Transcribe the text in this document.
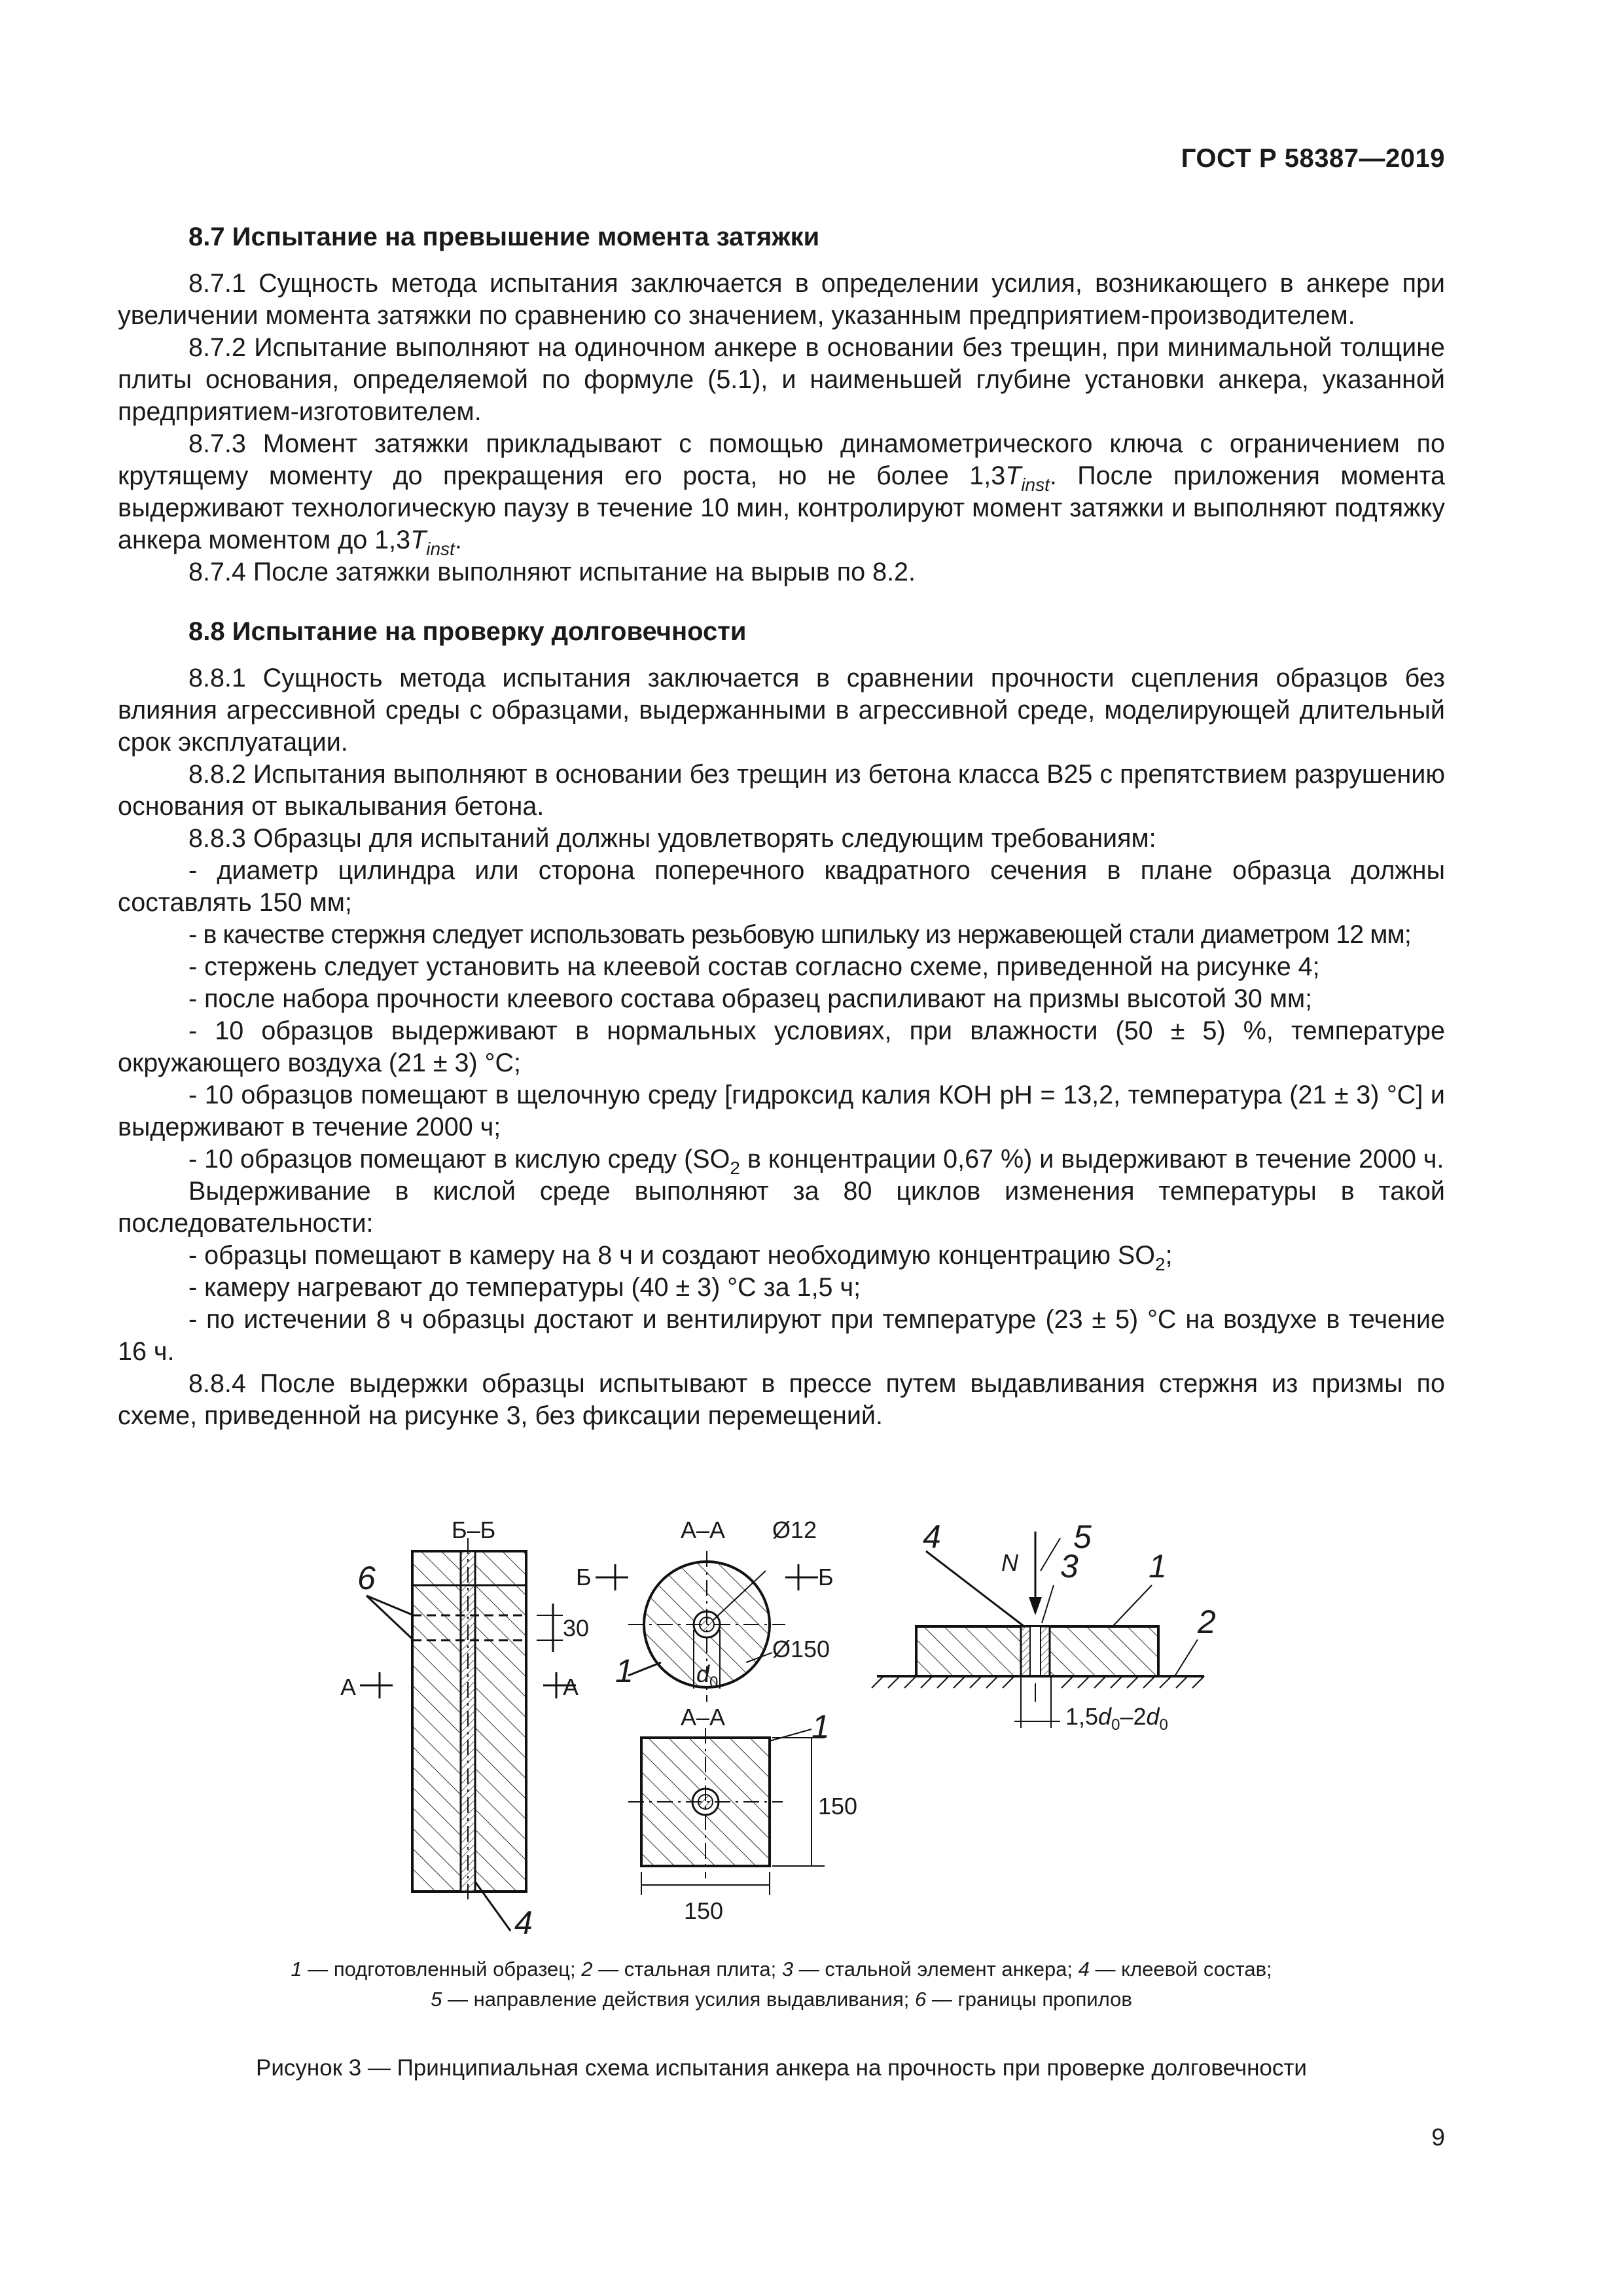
ГОСТ Р 58387—2019
8.7 Испытание на превышение момента затяжки

8.7.1 Сущность метода испытания заключается в определении усилия, возникающего в анкере при увеличении момента затяжки по сравнению со значением, указанным предприятием-производителем.

8.7.2 Испытание выполняют на одиночном анкере в основании без трещин, при минимальной толщине плиты основания, определяемой по формуле (5.1), и наименьшей глубине установки анкера, указанной предприятием-изготовителем.

8.7.3 Момент затяжки прикладывают с помощью динамометрического ключа с ограничением по крутящему моменту до прекращения его роста, но не более $1,3T_{inst}$. После приложения момента выдерживают технологическую паузу в течение 10 мин, контролируют момент затяжки и выполняют подтяжку анкера моментом до $1,3T_{inst}$.

8.7.4 После затяжки выполняют испытание на вырыв по 8.2.

8.8 Испытание на проверку долговечности

8.8.1 Сущность метода испытания заключается в сравнении прочности сцепления образцов без влияния агрессивной среды с образцами, выдержанными в агрессивной среде, моделирующей длительный срок эксплуатации.

8.8.2 Испытания выполняют в основании без трещин из бетона класса В25 с препятствием разрушению основания от выкалывания бетона.

8.8.3 Образцы для испытаний должны удовлетворять следующим требованиям:

- диаметр цилиндра или сторона поперечного квадратного сечения в плане образца должны составлять 150 мм;

- в качестве стержня следует использовать резьбовую шпильку из нержавеющей стали диаметром 12 мм;

- стержень следует установить на клеевой состав согласно схеме, приведенной на рисунке 4;

- после набора прочности клеевого состава образец распиливают на призмы высотой 30 мм;

- 10 образцов выдерживают в нормальных условиях, при влажности (50 ± 5) %, температуре окружающего воздуха (21 ± 3) °С;

- 10 образцов помещают в щелочную среду [гидроксид калия КОН pH = 13,2, температура (21 ± 3) °С] и выдерживают в течение 2000 ч;

- 10 образцов помещают в кислую среду ($SO_2$ в концентрации 0,67 %) и выдерживают в течение 2000 ч.

Выдерживание в кислой среде выполняют за 80 циклов изменения температуры в такой последовательности:

- образцы помещают в камеру на 8 ч и создают необходимую концентрацию $SO_2$;

- камеру нагревают до температуры (40 ± 3) °С за 1,5 ч;

- по истечении 8 ч образцы достают и вентилируют при температуре (23 ± 5) °С на воздухе в течение 16 ч.

8.8.4 После выдержки образцы испытывают в прессе путем выдавливания стержня из призмы по схеме, приведенной на рисунке 3, без фиксации перемещений.

Б–Б
6
30
А	А
4
А–А Ø12
Б	Б
$d_0$
Ø150
1
А–А
150
150
1
4	5
N 3 1
2
$1,5d_0-2d_0$
1 — подготовленный образец; 2 — стальная плита; 3 — стальной элемент анкера; 4 — клеевой состав;
5 — направление действия усилия выдавливания; 6 — границы пропилов
Рисунок 3 — Принципиальная схема испытания анкера на прочность при проверке долговечности
9
